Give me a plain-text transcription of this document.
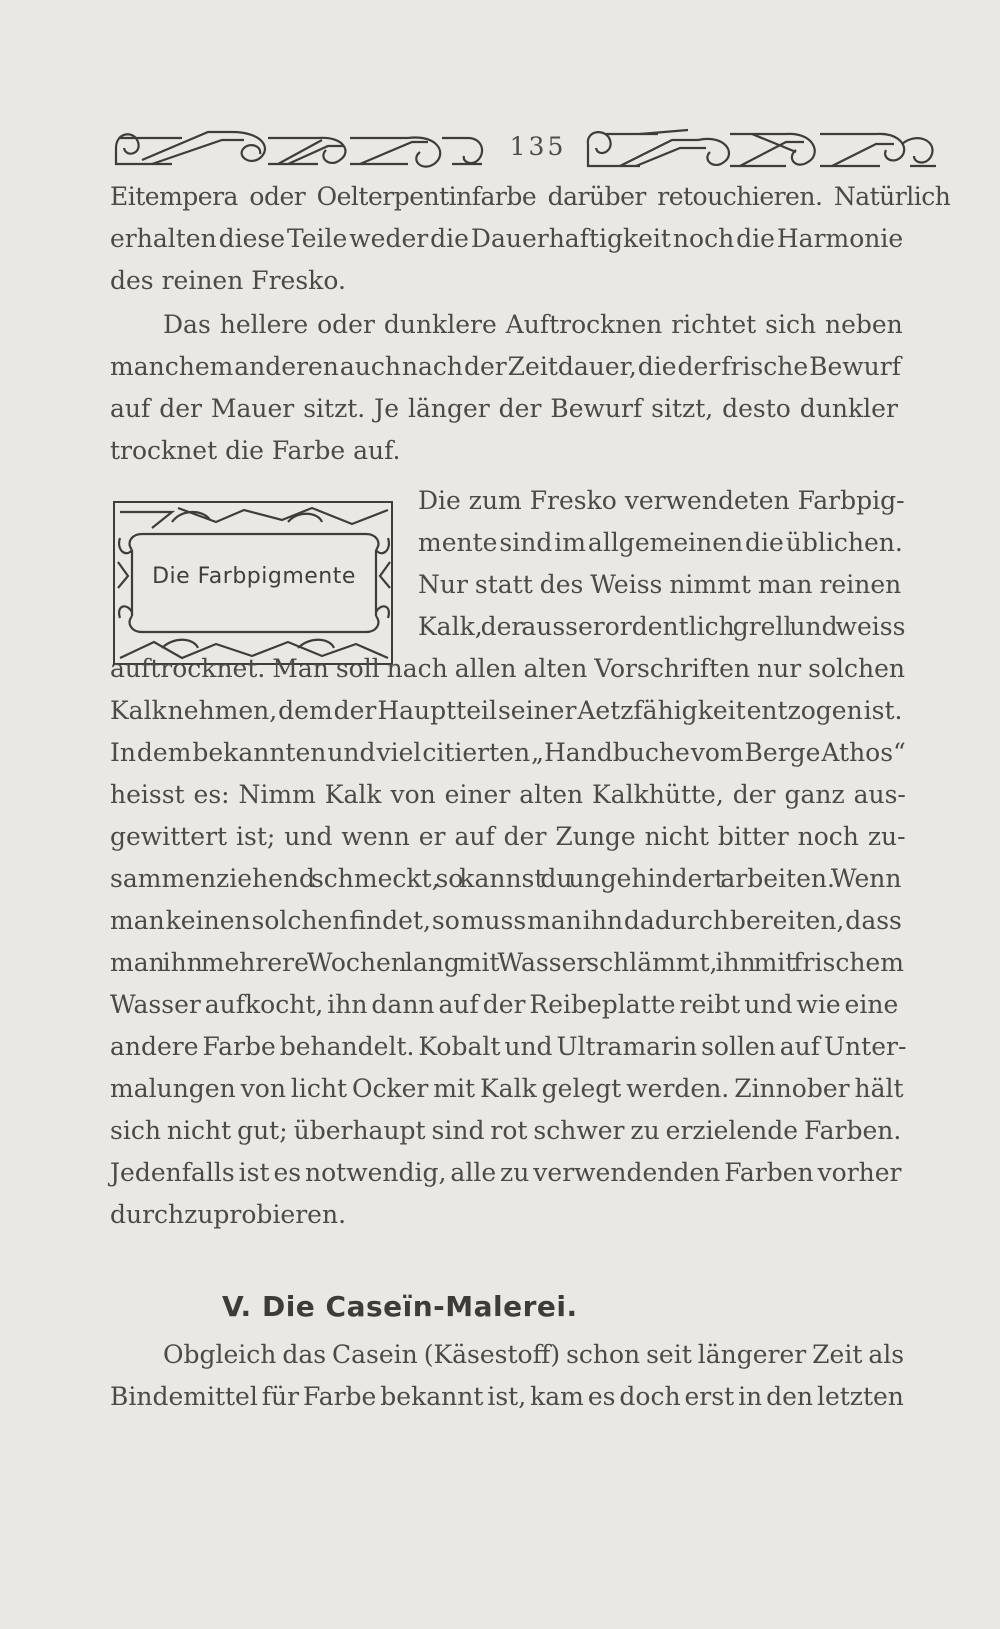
135
Eitempera oder Oelterpentinfarbe darüber retouchieren. Natürlich
erhalten diese Teile weder die Dauerhaftigkeit noch die Harmonie
des reinen Fresko.
Das hellere oder dunklere Auftrocknen richtet sich neben
manchem anderen auch nach der Zeitdauer, die der frische Bewurf
auf der Mauer sitzt. Je länger der Bewurf sitzt, desto dunkler
trocknet die Farbe auf.
Die Farbpigmente
Die zum Fresko verwendeten Farbpig-
mente sind im allgemeinen die üblichen.
Nur statt des Weiss nimmt man reinen
Kalk, der ausserordentlich grell und weiss
auftrocknet. Man soll nach allen alten Vorschriften nur solchen
Kalk nehmen, dem der Hauptteil seiner Aetzfähigkeit entzogen ist.
In dem bekannten und viel citierten „Handbuche vom Berge Athos“
heisst es: Nimm Kalk von einer alten Kalkhütte, der ganz aus-
gewittert ist; und wenn er auf der Zunge nicht bitter noch zu-
sammenziehend schmeckt, so kannst du ungehindert arbeiten. Wenn
man keinen solchen findet, so muss man ihn dadurch bereiten, dass
man ihn mehrere Wochen lang mit Wasser schlämmt, ihn mit frischem
Wasser aufkocht, ihn dann auf der Reibeplatte reibt und wie eine
andere Farbe behandelt. Kobalt und Ultramarin sollen auf Unter-
malungen von licht Ocker mit Kalk gelegt werden. Zinnober hält
sich nicht gut; überhaupt sind rot schwer zu erzielende Farben.
Jedenfalls ist es notwendig, alle zu verwendenden Farben vorher
durchzuprobieren.
V. Die Caseïn-Malerei.
Obgleich das Casein (Käsestoff) schon seit längerer Zeit als
Bindemittel für Farbe bekannt ist, kam es doch erst in den letzten
